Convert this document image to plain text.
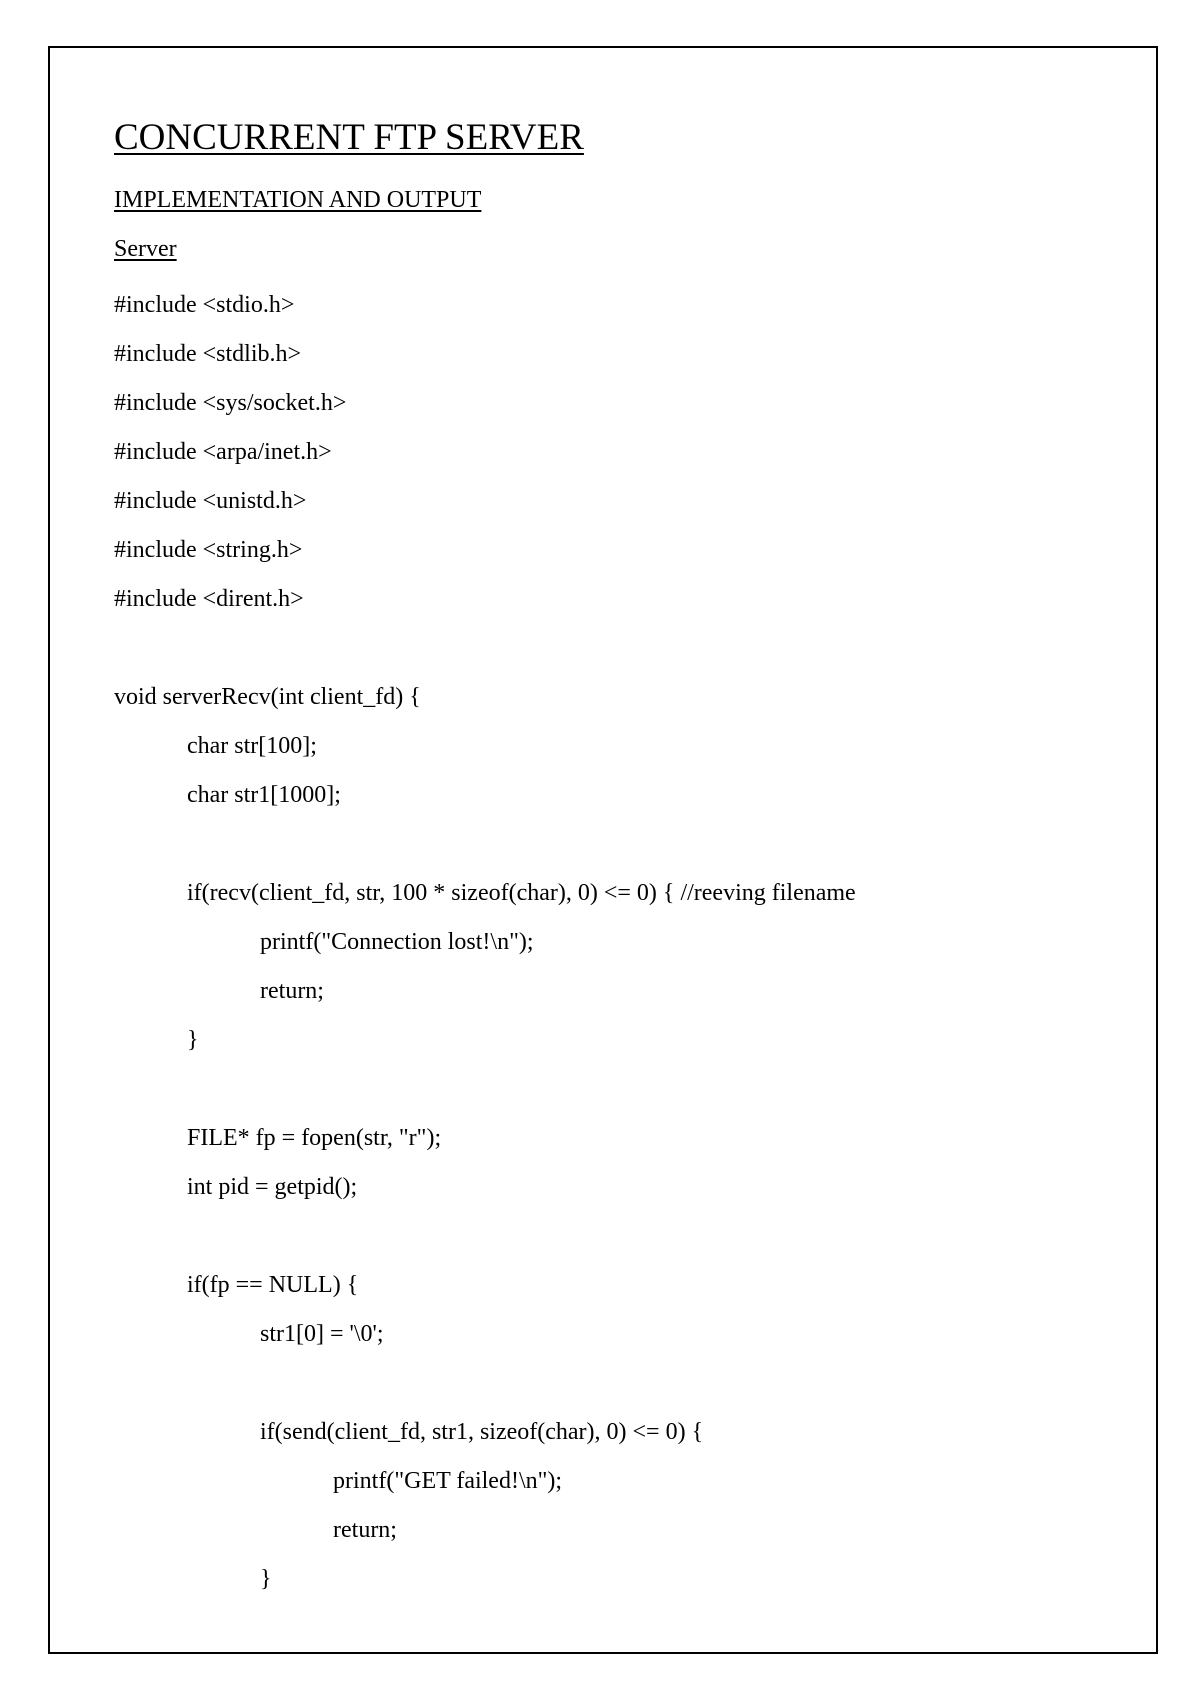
CONCURRENT FTP SERVER
IMPLEMENTATION AND OUTPUT
Server
#include <stdio.h>
#include <stdlib.h>
#include <sys/socket.h>
#include <arpa/inet.h>
#include <unistd.h>
#include <string.h>
#include <dirent.h>
void serverRecv(int client_fd) {
char str[100];
char str1[1000];
if(recv(client_fd, str, 100 * sizeof(char), 0) <= 0) { //reeving filename
printf("Connection lost!\n");
return;
}
FILE* fp = fopen(str, "r");
int pid = getpid();
if(fp == NULL) {
str1[0] = '\0';
if(send(client_fd, str1, sizeof(char), 0) <= 0) {
printf("GET failed!\n");
return;
}
